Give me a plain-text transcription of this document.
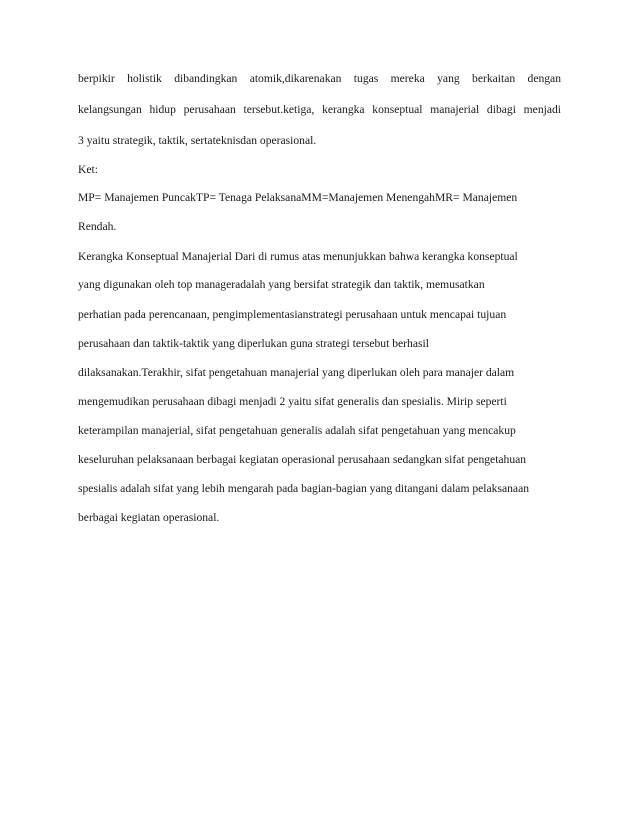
berpikir holistik dibandingkan atomik,dikarenakan tugas mereka yang berkaitan dengan
kelangsungan hidup perusahaan tersebut.ketiga, kerangka konseptual manajerial dibagi menjadi
3 yaitu strategik, taktik, sertateknisdan operasional.
Ket:
MP= Manajemen PuncakTP= Tenaga PelaksanaMM=Manajemen MenengahMR= Manajemen
Rendah.
Kerangka Konseptual Manajerial Dari di rumus atas menunjukkan bahwa kerangka konseptual
yang digunakan oleh top manageradalah yang bersifat strategik dan taktik, memusatkan
perhatian pada perencanaan, pengimplementasianstrategi perusahaan untuk mencapai tujuan
perusahaan dan taktik-taktik yang diperlukan guna strategi tersebut berhasil
dilaksanakan.Terakhir, sifat pengetahuan manajerial yang diperlukan oleh para manajer dalam
mengemudikan perusahaan dibagi menjadi 2 yaitu sifat generalis dan spesialis. Mirip seperti
keterampilan manajerial, sifat pengetahuan generalis adalah sifat pengetahuan yang mencakup
keseluruhan pelaksanaan berbagai kegiatan operasional perusahaan sedangkan sifat pengetahuan
spesialis adalah sifat yang lebih mengarah pada bagian-bagian yang ditangani dalam pelaksanaan
berbagai kegiatan operasional.
